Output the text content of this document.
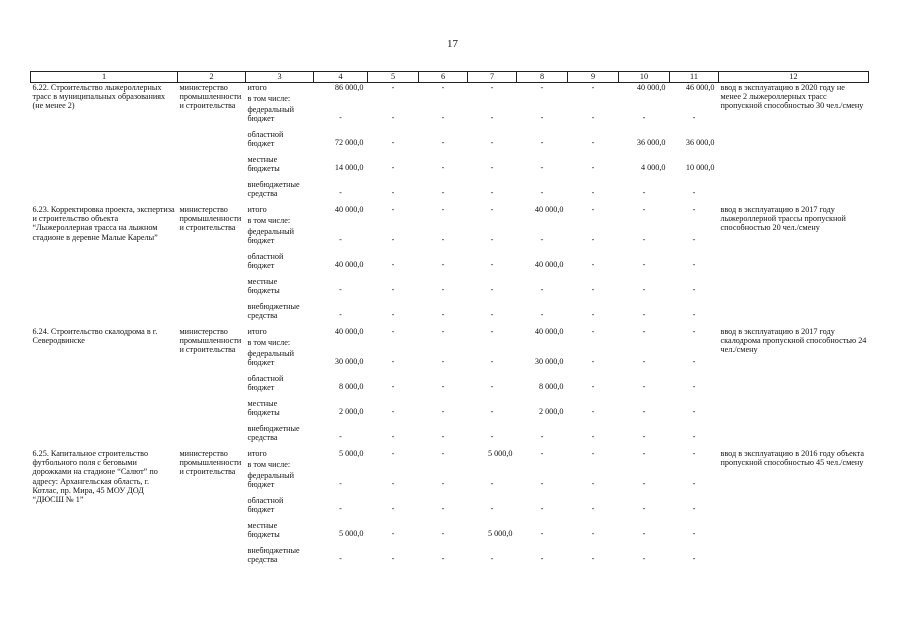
17
1	2	3	4	5	6	7	8	9	10	11	12
6.22. Строительство лыжероллерных трасс в муниципальных образованиях (не менее 2)	министерство промышленности и строительства	итого	86 000,0	-	-	-	-	-	40 000,0	46 000,0	ввод в эксплуатацию в 2020 году не менее 2 лыжероллерных трасс пропускной способностью 30 чел./смену
		в том числе:									
		федеральный бюджет	-	-	-	-	-	-	-	-	
		областной бюджет	72 000,0	-	-	-	-	-	36 000,0	36 000,0	
		местные бюджеты	14 000,0	-	-	-	-	-	4 000,0	10 000,0	
		внебюджетные средства	-	-	-	-	-	-	-	-	
6.23. Корректировка проекта, экспертиза и строительство объекта “Лыжероллерная трасса на лыжном стадионе в деревне Малые Карелы”	министерство промышленности и строительства	итого	40 000,0	-	-	-	40 000,0	-	-	-	ввод в эксплуатацию в 2017 году лыжероллерной трассы пропускной способностью 20 чел./смену
		в том числе:									
		федеральный бюджет	-	-	-	-	-	-	-	-	
		областной бюджет	40 000,0	-	-	-	40 000,0	-	-	-	
		местные бюджеты	-	-	-	-	-	-	-	-	
		внебюджетные средства	-	-	-	-	-	-	-	-	
6.24. Строительство скалодрома в г. Северодвинске	министерство промышленности и строительства	итого	40 000,0	-	-	-	40 000,0	-	-	-	ввод в эксплуатацию в 2017 году скалодрома пропускной способностью 24 чел./смену
		в том числе:									
		федеральный бюджет	30 000,0	-	-	-	30 000,0	-	-	-	
		областной бюджет	8 000,0	-	-	-	8 000,0	-	-	-	
		местные бюджеты	2 000,0	-	-	-	2 000,0	-	-	-	
		внебюджетные средства	-	-	-	-	-	-	-	-	
6.25. Капитальное строительство футбольного поля с беговыми дорожками на стадионе “Салют” по адресу: Архангельская область, г. Котлас, пр. Мира, 45 МОУ ДОД “ДЮСШ № 1”	министерство промышленности и строительства	итого	5 000,0	-	-	5 000,0	-	-	-	-	ввод в эксплуатацию в 2016 году объекта пропускной способностью 45 чел./смену
		в том числе:									
		федеральный бюджет	-	-	-	-	-	-	-	-	
		областной бюджет	-	-	-	-	-	-	-	-	
		местные бюджеты	5 000,0	-	-	5 000,0	-	-	-	-	
		внебюджетные средства	-	-	-	-	-	-	-	-	
